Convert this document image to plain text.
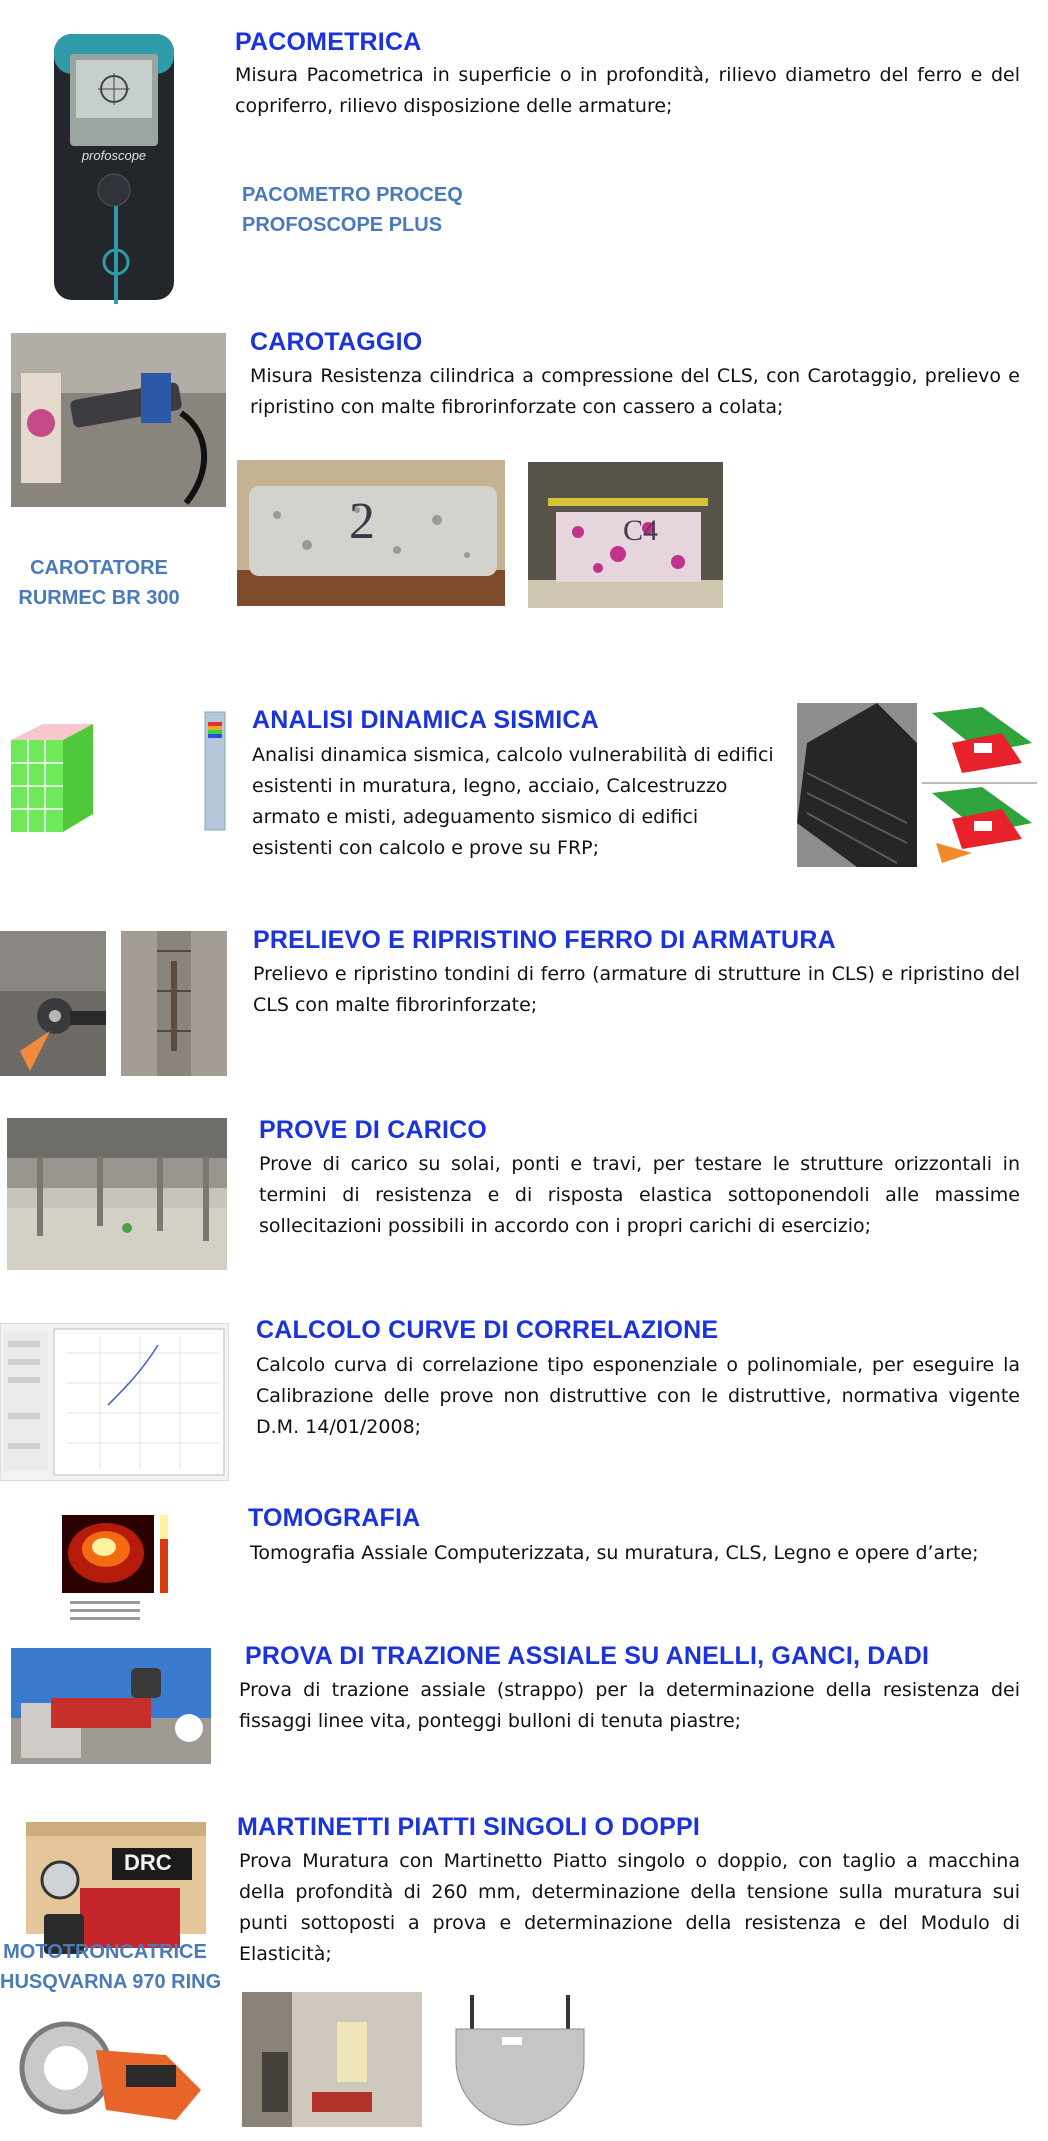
profoscope
PACOMETRICA

Misura Pacometrica in superficie o in profondità, rilievo diametro del ferro e del copriferro, rilievo disposizione delle armature;

PACOMETRO PROCEQ
PROFOSCOPE PLUS
2	C4
CAROTAGGIO

Misura Resistenza cilindrica a compressione del CLS, con Carotaggio, prelievo e ripristino con malte fibrorinforzate con cassero a colata;

CAROTATORE
RURMEC BR 300
ANALISI DINAMICA SISMICA

Analisi dinamica sismica, calcolo vulnerabilità di edifici esistenti in muratura, legno, acciaio, Calcestruzzo armato e misti, adeguamento sismico di edifici esistenti con calcolo e prove su FRP;

PRELIEVO E RIPRISTINO FERRO DI ARMATURA

Prelievo e ripristino tondini di ferro (armature di strutture in CLS) e ripristino del CLS con malte fibrorinforzate;

PROVE DI CARICO

Prove di carico su solai, ponti e travi, per testare le strutture orizzontali in termini di resistenza e di risposta elastica sottoponendoli alle massime sollecitazioni possibili in accordo con i propri carichi di esercizio;

CALCOLO CURVE DI CORRELAZIONE

Calcolo curva di correlazione tipo esponenziale o polinomiale, per eseguire la Calibrazione delle prove non distruttive con le distruttive, normativa vigente D.M. 14/01/2008;

TOMOGRAFIA

Tomografia Assiale Computerizzata, su muratura, CLS, Legno e opere d’arte;

PROVA DI TRAZIONE ASSIALE SU ANELLI, GANCI, DADI

Prova di trazione assiale (strappo) per la determinazione della resistenza dei fissaggi linee vita, ponteggi bulloni di tenuta piastre;

DRC
MOTOTRONCATRICE
HUSQVARNA 970 RING
MARTINETTI PIATTI SINGOLI O DOPPI

Prova Muratura con Martinetto Piatto singolo o doppio, con taglio a macchina della profondità di 260 mm, determinazione della tensione sulla muratura sui punti sottoposti a prova e determinazione della resistenza e del Modulo di Elasticità;
